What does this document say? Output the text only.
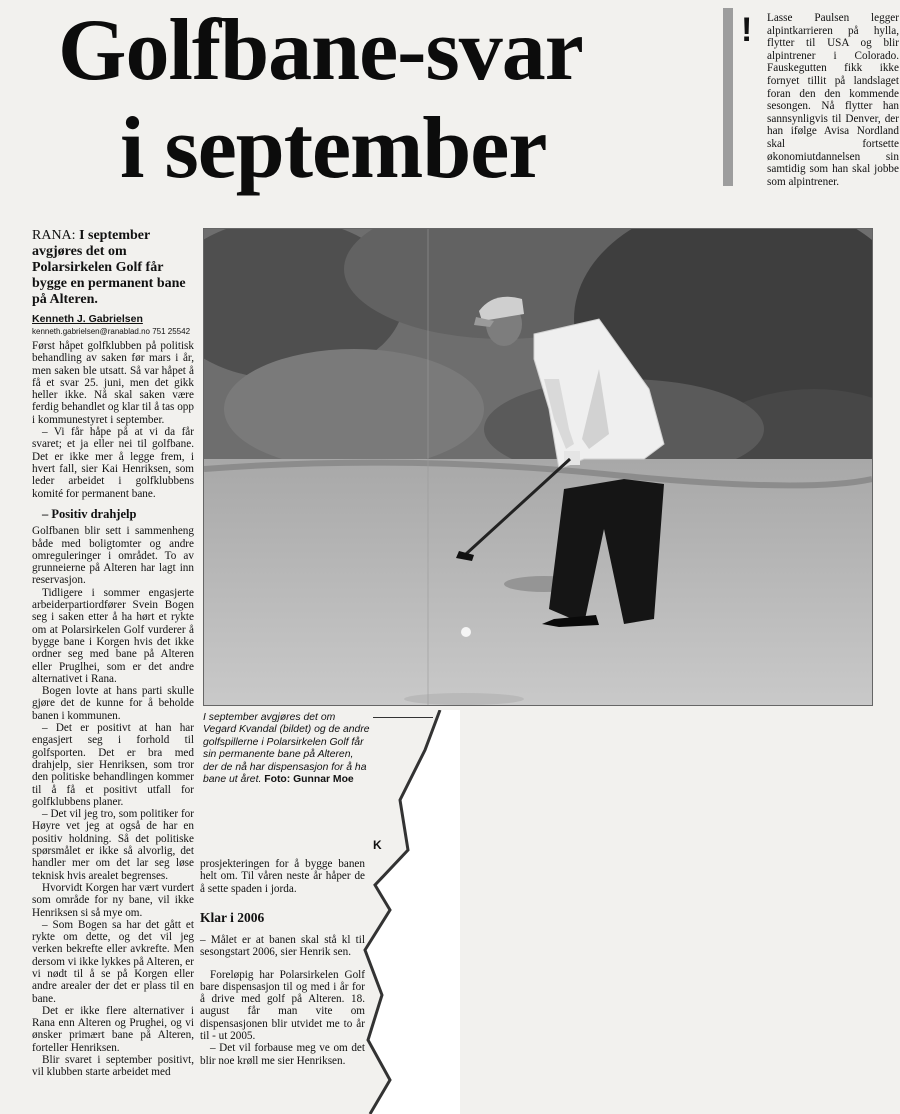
Golfbane-svar
i september
! Lasse Paulsen legger alpintkarrieren på hylla, flytter til USA og blir alpintrener i Colorado. Fauskegutten fikk ikke fornyet tillit på landslaget foran den den kommende sesongen. Nå flytter han sannsynligvis til Denver, der han ifølge Avisa Nordland skal fortsette økonomiutdannelsen sin samtidig som han skal jobbe som alpintrener.
RANA: I september avgjøres det om Polarsirkelen Golf får bygge en permanent bane på Alteren.
Kenneth J. Gabrielsen
kenneth.gabrielsen@ranablad.no 751 25542

Først håpet golfklubben på politisk behandling av saken før mars i år, men saken ble utsatt. Så var håpet å få et svar 25. juni, men det gikk heller ikke. Nå skal saken være ferdig behandlet og klar til å tas opp i kommunestyret i september.

– Vi får håpe på at vi da får svaret; et ja eller nei til golfbane. Det er ikke mer å legge frem, i hvert fall, sier Kai Henriksen, som leder arbeidet i golfklubbens komité for permanent bane.

– Positiv drahjelp

Golfbanen blir sett i sammenheng både med boligtomter og andre omreguleringer i området. To av grunneierne på Alteren har lagt inn reservasjon.

Tidligere i sommer engasjerte arbeiderpartiordfører Svein Bogen seg i saken etter å ha hørt et rykte om at Polarsirkelen Golf vurderer å bygge bane i Korgen hvis det ikke ordner seg med bane på Alteren eller Pruglhei, som er det andre alternativet i Rana.

Bogen lovte at hans parti skulle gjøre det de kunne for å beholde banen i kommunen.

– Det er positivt at han har engasjert seg i forhold til golfsporten. Det er bra med drahjelp, sier Henriksen, som tror den politiske behandlingen kommer til å få et positivt utfall for golfklubbens planer.

– Det vil jeg tro, som politiker for Høyre vet jeg at også de har en positiv holdning. Så det politiske spørsmålet er ikke så alvorlig, det handler mer om det lar seg løse teknisk hvis arealet begrenses.

Hvorvidt Korgen har vært vurdert som område for ny bane, vil ikke Henriksen si så mye om.

– Som Bogen sa har det gått et rykte om dette, og det vil jeg verken bekrefte eller avkrefte. Men dersom vi ikke lykkes på Alteren, er vi nødt til å se på Korgen eller andre arealer der det er plass til en bane.

Det er ikke flere alternativer i Rana enn Alteren og Prughei, og vi ønsker primært bane på Alteren, forteller Henriksen.

Blir svaret i september positivt, vil klubben starte arbeidet med

I september avgjøres det om Vegard Kvandal (bildet) og de andre golfspillerne i Polarsirkelen Golf får sin permanente bane på Alteren, der de nå har dispensasjon for å ha bane ut året. Foto: Gunnar Moe
K

prosjekteringen for å bygge banen helt om. Til våren neste år håper de å sette spaden i jorda.

Klar i 2006

– Målet er at banen skal stå kl til sesongstart 2006, sier Henrik sen.

Foreløpig har Polarsirkelen Golf bare dispensasjon til og med i år for å drive med golf på Alteren. 18. august får man vite om dispensasjonen blir utvidet me to år til - ut 2005.

– Det vil forbause meg ve om det blir noe krøll me sier Henriksen.
